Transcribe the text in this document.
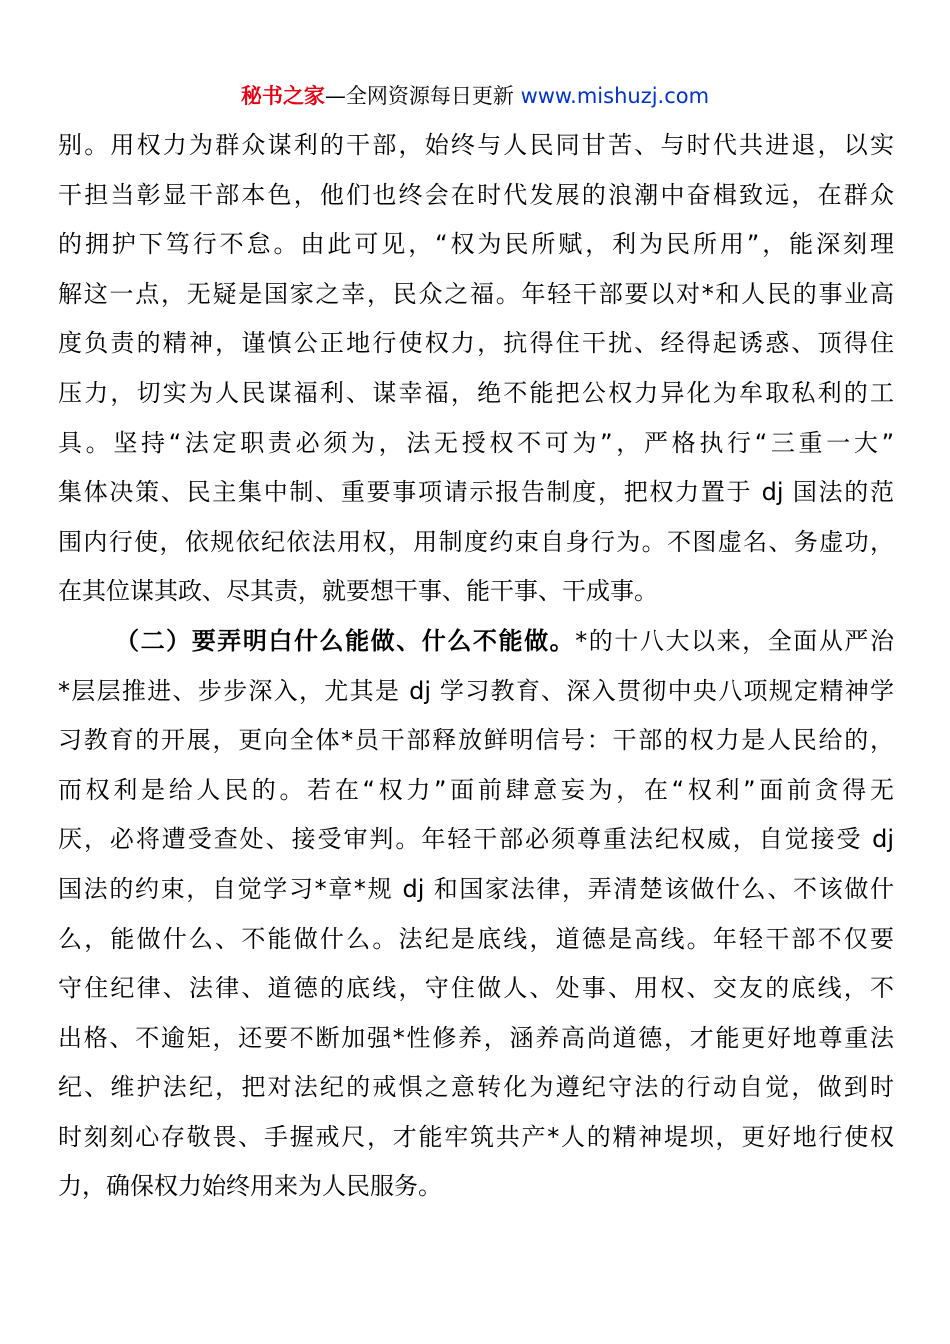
秘书之家—全网资源每日更新 www.mishuzj.com
别。用权力为群众谋利的干部，始终与人民同甘苦、与时代共进退，以实
干担当彰显干部本色，他们也终会在时代发展的浪潮中奋楫致远，在群众
的拥护下笃行不怠。由此可见，“权为民所赋，利为民所用”，能深刻理
解这一点，无疑是国家之幸，民众之福。年轻干部要以对*和人民的事业高
度负责的精神，谨慎公正地行使权力，抗得住干扰、经得起诱惑、顶得住
压力，切实为人民谋福利、谋幸福，绝不能把公权力异化为牟取私利的工
具。坚持“法定职责必须为，法无授权不可为”，严格执行“三重一大”
集体决策、民主集中制、重要事项请示报告制度，把权力置于 dj 国法的范
围内行使，依规依纪依法用权，用制度约束自身行为。不图虚名、务虚功，
在其位谋其政、尽其责，就要想干事、能干事、干成事。
（二）要弄明白什么能做、什么不能做。*的十八大以来，全面从严治
*层层推进、步步深入，尤其是 dj 学习教育、深入贯彻中央八项规定精神学
习教育的开展，更向全体*员干部释放鲜明信号：干部的权力是人民给的，
而权利是给人民的。若在“权力”面前肆意妄为，在“权利”面前贪得无
厌，必将遭受查处、接受审判。年轻干部必须尊重法纪权威，自觉接受 dj
国法的约束，自觉学习*章*规 dj 和国家法律，弄清楚该做什么、不该做什
么，能做什么、不能做什么。法纪是底线，道德是高线。年轻干部不仅要
守住纪律、法律、道德的底线，守住做人、处事、用权、交友的底线，不
出格、不逾矩，还要不断加强*性修养，涵养高尚道德，才能更好地尊重法
纪、维护法纪，把对法纪的戒惧之意转化为遵纪守法的行动自觉，做到时
时刻刻心存敬畏、手握戒尺，才能牢筑共产*人的精神堤坝，更好地行使权
力，确保权力始终用来为人民服务。
